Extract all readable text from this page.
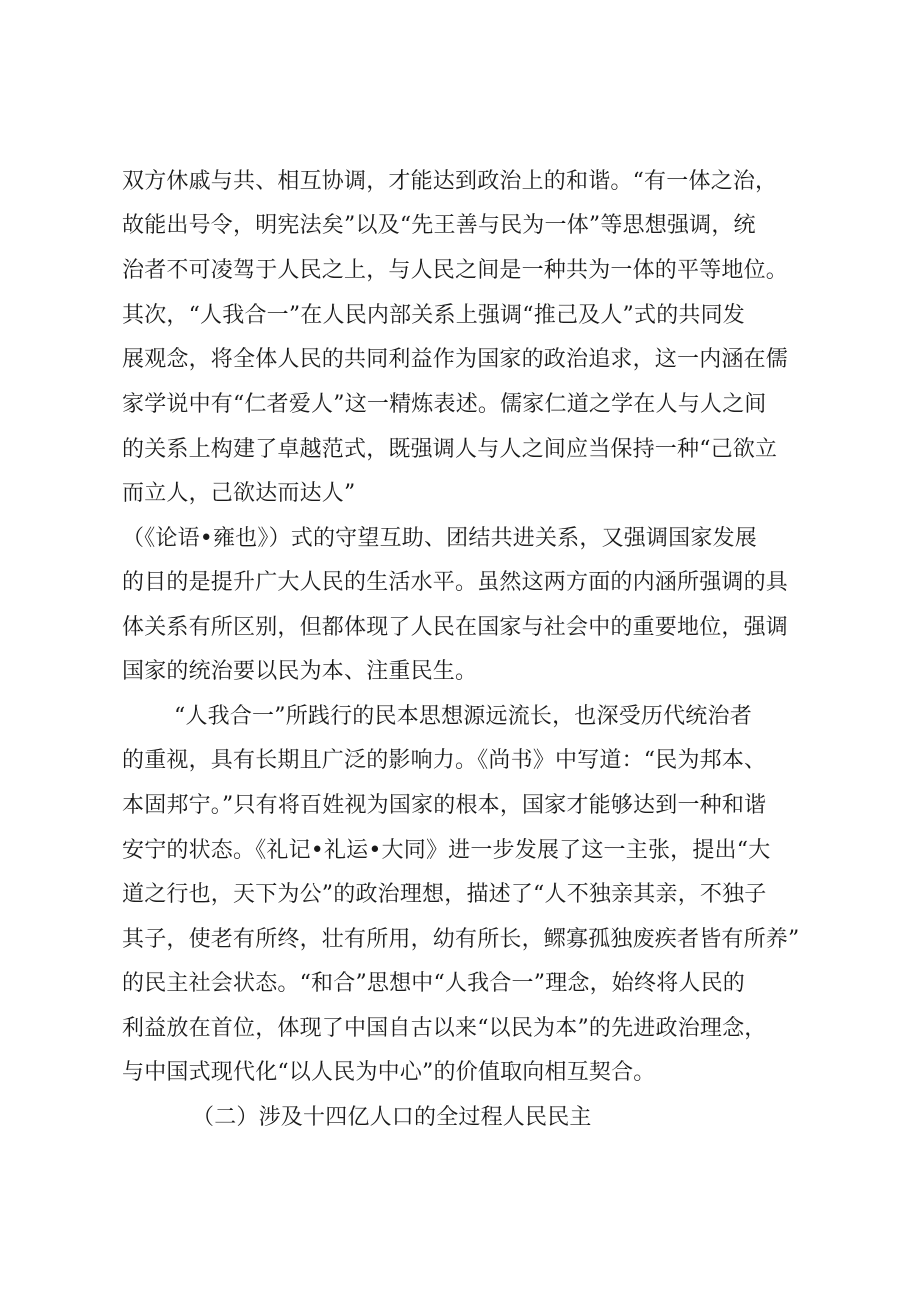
双方休戚与共、相互协调，才能达到政治上的和谐。“有一体之治，
故能出号令，明宪法矣”以及“先王善与民为一体”等思想强调，统
治者不可凌驾于人民之上，与人民之间是一种共为一体的平等地位。
其次，“人我合一”在人民内部关系上强调“推己及人”式的共同发
展观念，将全体人民的共同利益作为国家的政治追求，这一内涵在儒
家学说中有“仁者爱人”这一精炼表述。儒家仁道之学在人与人之间
的关系上构建了卓越范式，既强调人与人之间应当保持一种“己欲立
而立人，己欲达而达人”
（《论语•雍也》）式的守望互助、团结共进关系，又强调国家发展
的目的是提升广大人民的生活水平。虽然这两方面的内涵所强调的具
体关系有所区别，但都体现了人民在国家与社会中的重要地位，强调
国家的统治要以民为本、注重民生。
“人我合一”所践行的民本思想源远流长，也深受历代统治者
的重视，具有长期且广泛的影响力。《尚书》中写道：“民为邦本、
本固邦宁。”只有将百姓视为国家的根本，国家才能够达到一种和谐
安宁的状态。《礼记•礼运•大同》进一步发展了这一主张，提出“大
道之行也，天下为公”的政治理想，描述了“人不独亲其亲，不独子
其子，使老有所终，壮有所用，幼有所长，鳏寡孤独废疾者皆有所养”
的民主社会状态。“和合”思想中“人我合一”理念，始终将人民的
利益放在首位，体现了中国自古以来“以民为本”的先进政治理念，
与中国式现代化“以人民为中心”的价值取向相互契合。
（二）涉及十四亿人口的全过程人民民主
